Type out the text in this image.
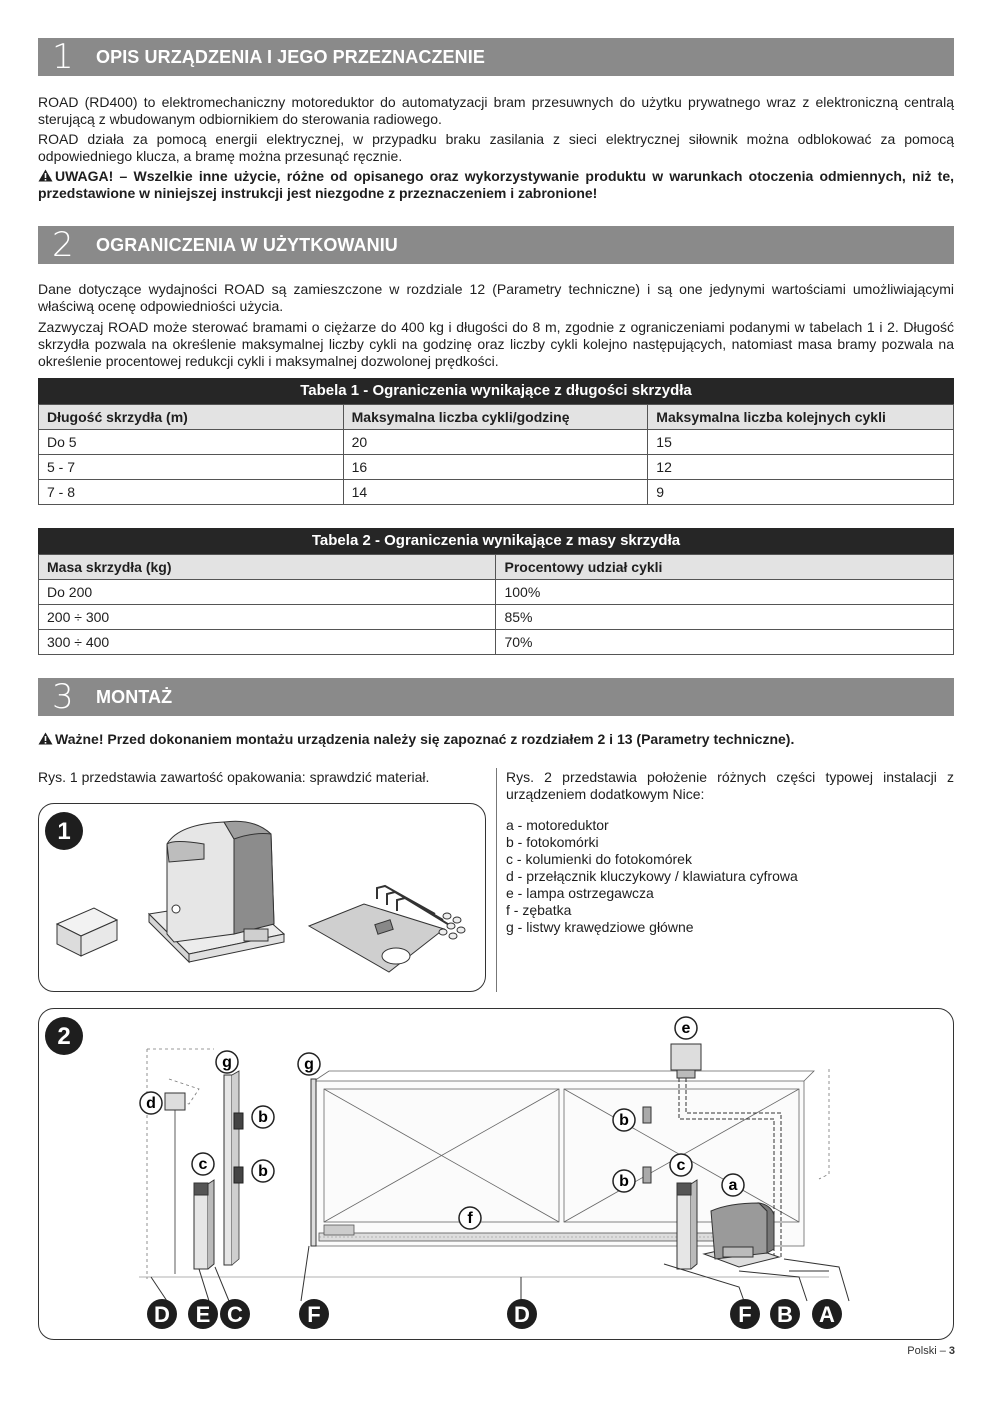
1 OPIS URZĄDZENIA I JEGO PRZEZNACZENIE

ROAD (RD400) to elektromechaniczny motoreduktor do automatyzacji bram przesuwnych do użytku prywatnego wraz z elektroniczną centralą sterującą z wbudowanym odbiornikiem do sterowania radiowego.

ROAD działa za pomocą energii elektrycznej, w przypadku braku zasilania z sieci elektrycznej siłownik można odblokować za pomocą odpowiedniego klucza, a bramę można przesunąć ręcznie.

UWAGA! – Wszelkie inne użycie, różne od opisanego oraz wykorzystywanie produktu w warunkach otoczenia odmiennych, niż te, przedstawione w niniejszej instrukcji jest niezgodne z przeznaczeniem i zabronione!

2 OGRANICZENIA W UŻYTKOWANIU

Dane dotyczące wydajności ROAD są zamieszczone w rozdziale 12 (Parametry techniczne) i są one jedynymi wartościami umożliwiającymi właściwą ocenę odpowiedniości użycia.

Zazwyczaj ROAD może sterować bramami o ciężarze do 400 kg i długości do 8 m, zgodnie z ograniczeniami podanymi w tabelach 1 i 2. Długość skrzydła pozwala na określenie maksymalnej liczby cykli na godzinę oraz liczby cykli kolejno następujących, natomiast masa bramy pozwala na określenie procentowej redukcji cykli i maksymalnej dozwolonej prędkości.

Tabela 1 - Ograniczenia wynikające z długości skrzydła
Długość skrzydła (m)	Maksymalna liczba cykli/godzinę	Maksymalna liczba kolejnych cykli
Do 5	20	15
5 - 7	16	12
7 - 8	14	9
Tabela 2 - Ograniczenia wynikające z masy skrzydła
Masa skrzydła (kg)	Procentowy udział cykli
Do 200	100%
200 ÷ 300	85%
300 ÷ 400	70%
3 MONTAŻ

Ważne! Przed dokonaniem montażu urządzenia należy się zapoznać z rozdziałem 2 i 13 (Parametry techniczne).

Rys. 1 przedstawia zawartość opakowania: sprawdzić materiał.	Rys. 2 przedstawia położenie różnych części typowej instalacji z urządzeniem dodatkowym Nice:

a - motoreduktor
b - fotokomórki
c - kolumienki do fotokomórek
d - przełącznik kluczykowy / klawiatura cyfrowa
e - lampa ostrzegawcza
f - zębatka
g - listwy krawędziowe główne
1
2
g	g
d
b
b
c
e
b
b
c
a
f
D E C	F	D	F B A
Polski – 3
